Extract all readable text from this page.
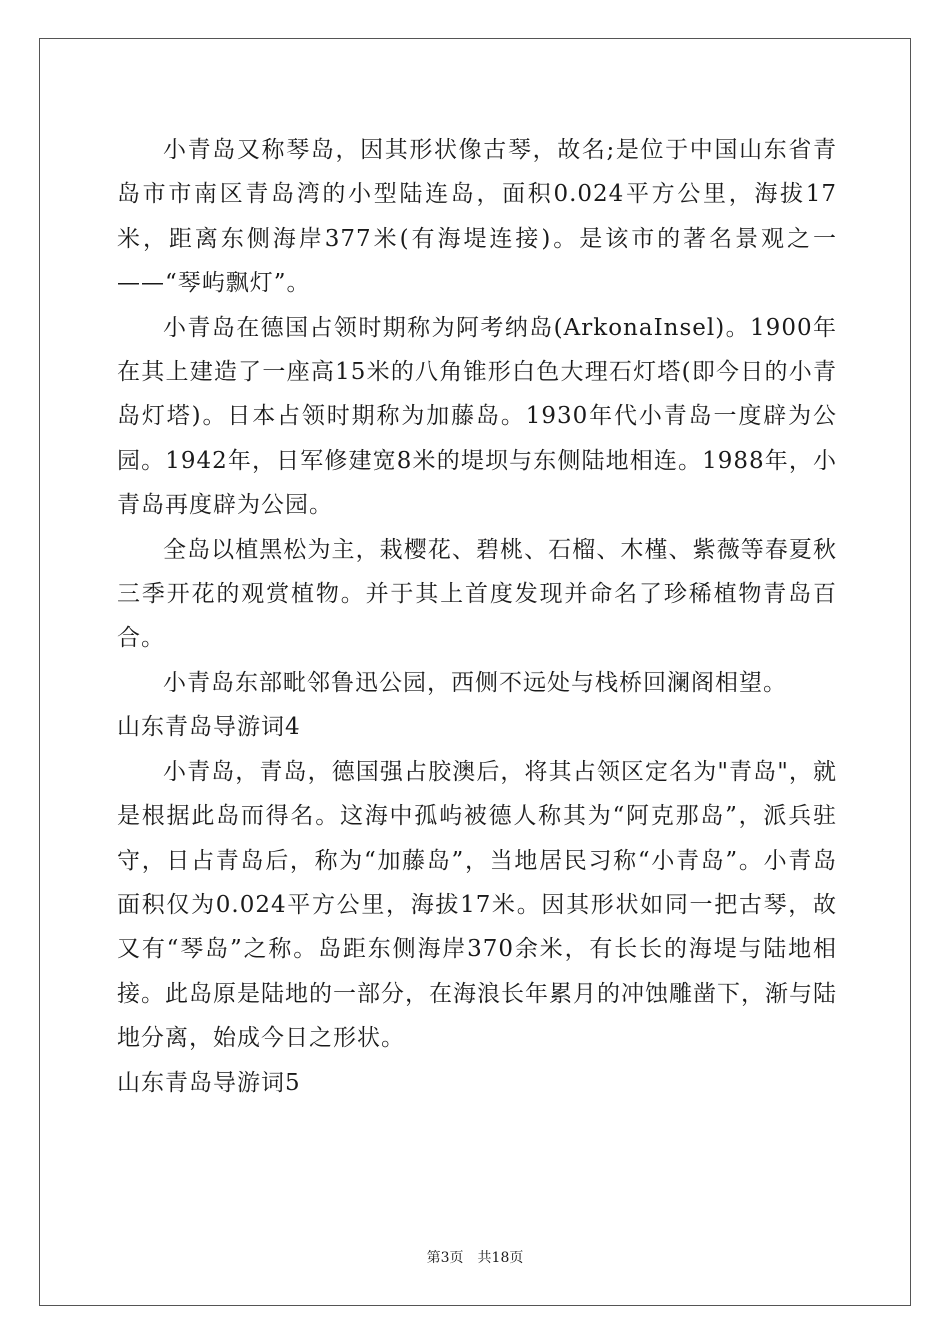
小青岛又称琴岛，因其形状像古琴，故名;是位于中国山东省青岛市市南区青岛湾的小型陆连岛，面积0.024平方公里，海拔17米，距离东侧海岸377米(有海堤连接)。是该市的著名景观之一——“琴屿飘灯”。

小青岛在德国占领时期称为阿考纳岛(ArkonaInsel)。1900年在其上建造了一座高15米的八角锥形白色大理石灯塔(即今日的小青岛灯塔)。日本占领时期称为加藤岛。1930年代小青岛一度辟为公园。1942年，日军修建宽8米的堤坝与东侧陆地相连。1988年，小青岛再度辟为公园。

全岛以植黑松为主，栽樱花、碧桃、石榴、木槿、紫薇等春夏秋三季开花的观赏植物。并于其上首度发现并命名了珍稀植物青岛百合。

小青岛东部毗邻鲁迅公园，西侧不远处与栈桥回澜阁相望。

山东青岛导游词4

小青岛，青岛，德国强占胶澳后，将其占领区定名为"青岛"，就是根据此岛而得名。这海中孤屿被德人称其为“阿克那岛”，派兵驻守，日占青岛后，称为“加藤岛”，当地居民习称“小青岛”。小青岛面积仅为0.024平方公里，海拔17米。因其形状如同一把古琴，故又有“琴岛”之称。岛距东侧海岸370余米，有长长的海堤与陆地相接。此岛原是陆地的一部分，在海浪长年累月的冲蚀雕凿下，渐与陆地分离，始成今日之形状。

山东青岛导游词5

第3页 共18页
